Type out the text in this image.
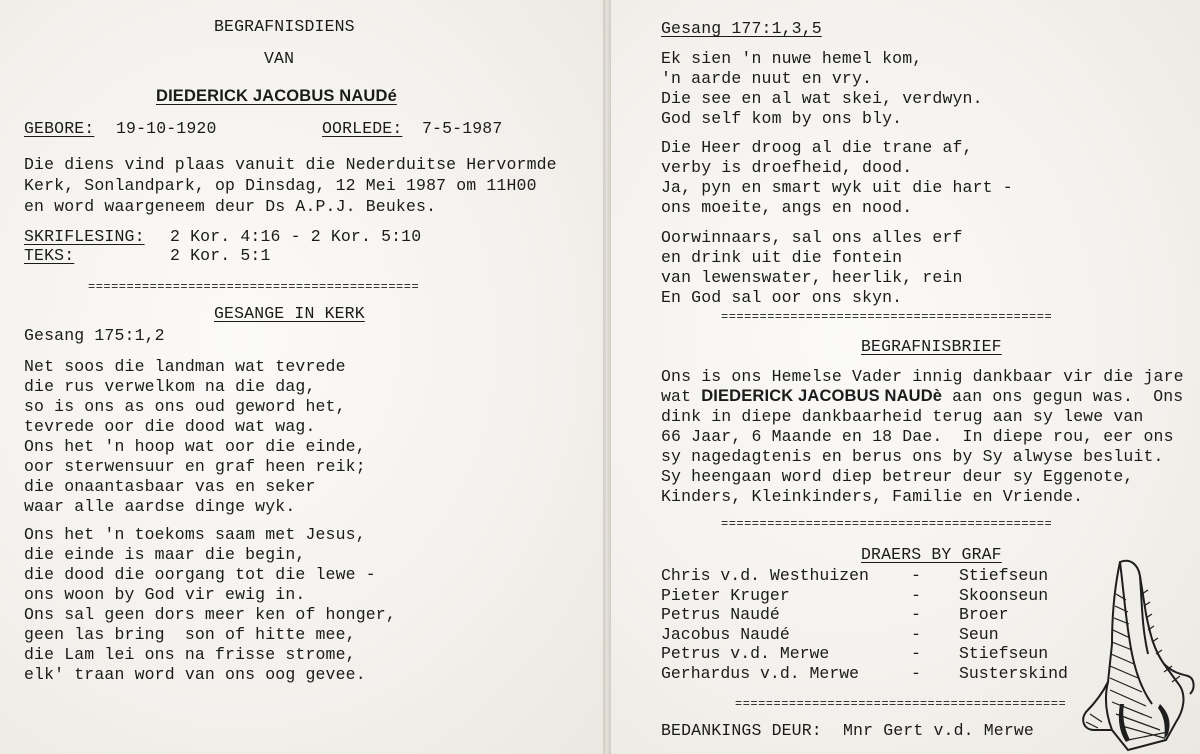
BEGRAFNISDIENS
VAN
DIEDERICK JACOBUS NAUDé
GEBORE: 19-10-1920	OORLEDE: 7-5-1987
Die diens vind plaas vanuit die Nederduitse Hervormde
Kerk, Sonlandpark, op Dinsdag, 12 Mei 1987 om 11H00
en word waargeneem deur Ds A.P.J. Beukes.
SKRIFLESING: 2 Kor. 4:16 - 2 Kor. 5:10
TEKS:	2 Kor. 5:1
===========================================
GESANGE IN KERK
Gesang 175:1,2
Net soos die landman wat tevrede
die rus verwelkom na die dag,
so is ons as ons oud geword het,
tevrede oor die dood wat wag.
Ons het 'n hoop wat oor die einde,
oor sterwensuur en graf heen reik;
die onaantasbaar vas en seker
waar alle aardse dinge wyk.
Ons het 'n toekoms saam met Jesus,
die einde is maar die begin,
die dood die oorgang tot die lewe -
ons woon by God vir ewig in.
Ons sal geen dors meer ken of honger,
geen las bring  son of hitte mee,
die Lam lei ons na frisse strome,
elk' traan word van ons oog gevee.
Gesang 177:1,3,5
Ek sien 'n nuwe hemel kom,
'n aarde nuut en vry.
Die see en al wat skei, verdwyn.
God self kom by ons bly.
Die Heer droog al die trane af,
verby is droefheid, dood.
Ja, pyn en smart wyk uit die hart -
ons moeite, angs en nood.
Oorwinnaars, sal ons alles erf
en drink uit die fontein
van lewenswater, heerlik, rein
En God sal oor ons skyn.
===========================================
BEGRAFNISBRIEF
Ons is ons Hemelse Vader innig dankbaar vir die jare
wat DIEDERICK JACOBUS NAUDè aan ons gegun was.  Ons
dink in diepe dankbaarheid terug aan sy lewe van
66 Jaar, 6 Maande en 18 Dae.  In diepe rou, eer ons
sy nagedagtenis en berus ons by Sy alwyse besluit.
Sy heengaan word diep betreur deur sy Eggenote,
Kinders, Kleinkinders, Familie en Vriende.
===========================================
DRAERS BY GRAF
Chris v.d. Westhuizen	- Stiefseun
Pieter Kruger	- Skoonseun
Petrus Naudé	- Broer
Jacobus Naudé	- Seun
Petrus v.d. Merwe	- Stiefseun
Gerhardus v.d. Merwe	- Susterskind
===========================================
BEDANKINGS DEUR: Mnr Gert v.d. Merwe
